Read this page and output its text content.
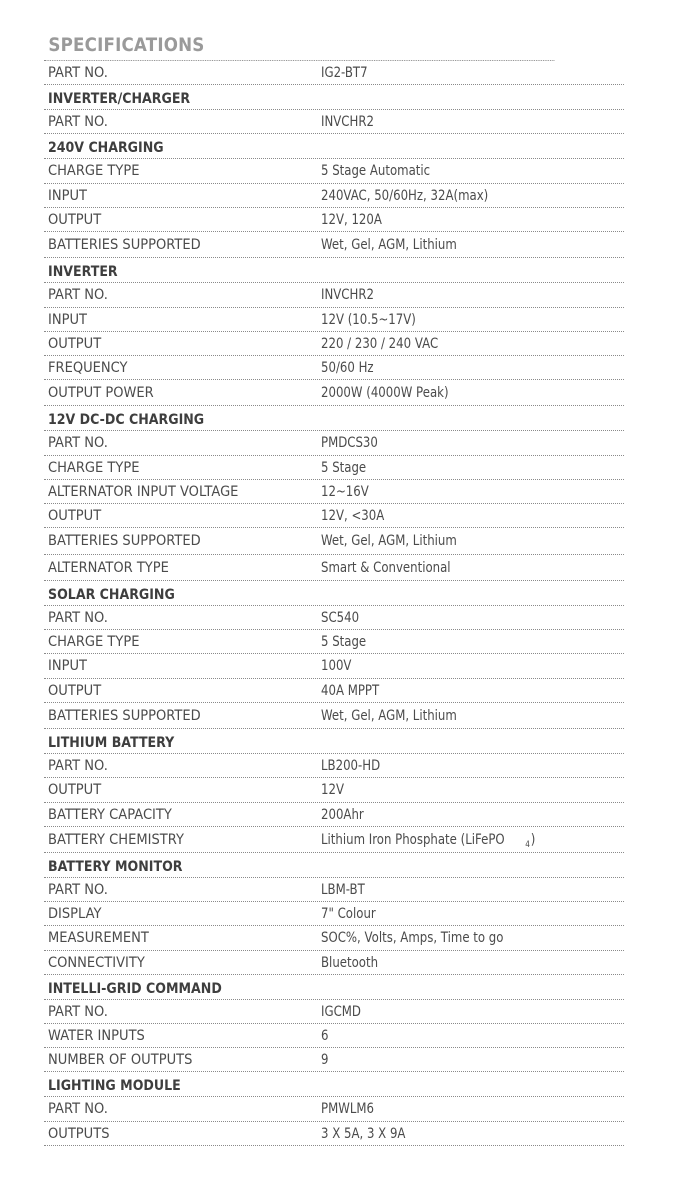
SPECIFICATIONS
PART NO.	IG2-BT7
INVERTER/CHARGER
PART NO.	INVCHR2
240V CHARGING
CHARGE TYPE	5 Stage Automatic
INPUT	240VAC, 50/60Hz, 32A(max)
OUTPUT	12V, 120A
BATTERIES SUPPORTED	Wet, Gel, AGM, Lithium
INVERTER
PART NO.	INVCHR2
INPUT	12V (10.5~17V)
OUTPUT	220 / 230 / 240 VAC
FREQUENCY	50/60 Hz
OUTPUT POWER	2000W (4000W Peak)
12V DC-DC CHARGING
PART NO.	PMDCS30
CHARGE TYPE	5 Stage
ALTERNATOR INPUT VOLTAGE	12~16V
OUTPUT	12V, <30A
BATTERIES SUPPORTED	Wet, Gel, AGM, Lithium
ALTERNATOR TYPE	Smart & Conventional
SOLAR CHARGING
PART NO.	SC540
CHARGE TYPE	5 Stage
INPUT	100V
OUTPUT	40A MPPT
BATTERIES SUPPORTED	Wet, Gel, AGM, Lithium
LITHIUM BATTERY
PART NO.	LB200-HD
OUTPUT	12V
BATTERY CAPACITY	200Ahr
BATTERY CHEMISTRY	Lithium Iron Phosphate (LiFePO 4)
BATTERY MONITOR
PART NO.	LBM-BT
DISPLAY	7" Colour
MEASUREMENT	SOC%, Volts, Amps, Time to go
CONNECTIVITY	Bluetooth
INTELLI-GRID COMMAND
PART NO.	IGCMD
WATER INPUTS	6
NUMBER OF OUTPUTS	9
LIGHTING MODULE
PART NO.	PMWLM6
OUTPUTS	3 X 5A, 3 X 9A
